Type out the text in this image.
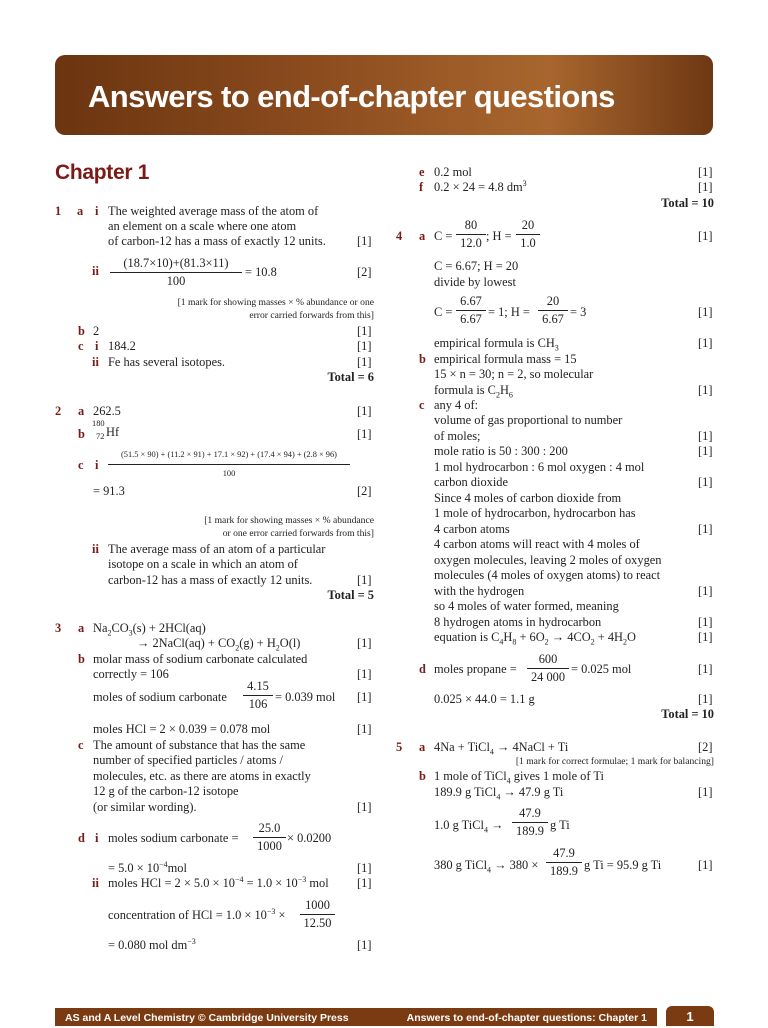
Answers to end-of-chapter questions
Chapter 1
1 a i The weighted average mass of the atom of
an element on a scale where one atom
of carbon-12 has a mass of exactly 12 units.	[1]
ii
(18.7×10)+(81.3×11)
100
= 10.8	[2]
[1 mark for showing masses × % abundance or one
error carried forwards from this]
b 2	[1]
c i 184.2	[1]
ii Fe has several isotopes.	[1]
Total = 6
2 a 262.5	[1]
b
180
72 Hf	[1]
c i
(51.5 × 90) + (11.2 × 91) + 17.1 × 92) + (17.4 × 94) + (2.8 × 96)
100
= 91.3	[2]
[1 mark for showing masses × % abundance
or one error carried forwards from this]
ii The average mass of an atom of a particular
isotope on a scale in which an atom of
carbon-12 has a mass of exactly 12 units.	[1]
Total = 5
3 a $Na_2CO_3(s) + 2HCl(aq)$
→ 2NaCl(aq) + $CO_2(g) + H_2O(l)$	[1]
b molar mass of sodium carbonate calculated
correctly = 106	[1]
moles of sodium carbonate
4.15
106
= 0.039 mol [1]
moles HCl = 2 × 0.039 = 0.078 mol	[1]
c The amount of substance that has the same
number of specified particles / atoms /
molecules, etc. as there are atoms in exactly
12 g of the carbon-12 isotope
(or similar wording).	[1]
d i moles sodium carbonate =
25.0
1000
× 0.0200
= $5.0 \times 10^{-4}mol$	[1]
ii moles HCl = $2 \times 5.0 \times 10^{-4} = 1.0 \times 10^{-3}$ mol [1]
concentration of HCl = $1.0 \times 10^{-3}$ ×
1000
12.50
= 0.080 mol $dm^{-3}$	[1]
e 0.2 mol	[1]
f 0.2 × 24 = 4.8 $dm^3$	[1]
Total = 10
4 a C =
80
12.0
; H =
20
1.0
[1]
C = 6.67; H = 20
divide by lowest
C =
6.67
6.67
= 1; H =
20
6.67
= 3	[1]
empirical formula is $CH_3$	[1]
b empirical formula mass = 15
15 × n = 30; n = 2, so molecular
formula is $C_2H_6$	[1]
c any 4 of:
volume of gas proportional to number
of moles;	[1]
mole ratio is 50 : 300 : 200	[1]
1 mol hydrocarbon : 6 mol oxygen : 4 mol
carbon dioxide	[1]
Since 4 moles of carbon dioxide from
1 mole of hydrocarbon, hydrocarbon has
4 carbon atoms	[1]
4 carbon atoms will react with 4 moles of
oxygen molecules, leaving 2 moles of oxygen
molecules (4 moles of oxygen atoms) to react
with the hydrogen	[1]
so 4 moles of water formed, meaning
8 hydrogen atoms in hydrocarbon	[1]
equation is $C_4H_8 + 6O_2 \to 4CO_2 + 4H_2O$	[1]
d moles propane =
600
24 000
= 0.025 mol	[1]
0.025 × 44.0 = 1.1 g	[1]
Total = 10
5 a 4Na + TiCl$_4$ → 4NaCl + Ti	[2]
[1 mark for correct formulae; 1 mark for balancing]
b 1 mole of TiCl$_4$ gives 1 mole of Ti
189.9 g TiCl$_4$ → 47.9 g Ti	[1]
1.0 g TiCl$_4$ →
47.9
189.9 g Ti
380 g TiCl$_4$ → 380 ×
47.9
189.9 g Ti = 95.9 g Ti	[1]
AS and A Level Chemistry © Cambridge University Press	Answers to end-of-chapter questions: Chapter 1	1
